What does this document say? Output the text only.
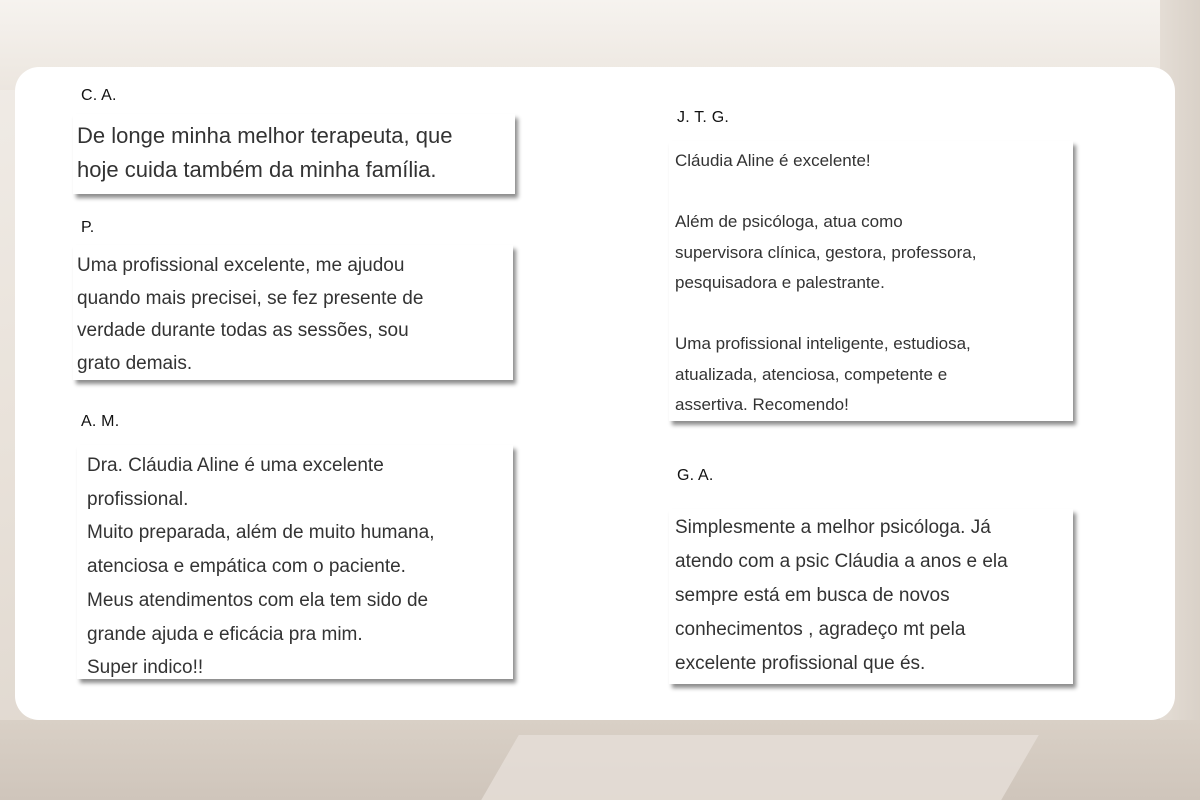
C. A.

De longe minha melhor terapeuta, que
hoje cuida também da minha família.

P.

Uma profissional excelente, me ajudou
quando mais precisei, se fez presente de
verdade durante todas as sessões, sou
grato demais.

A. M.

Dra. Cláudia Aline é uma excelente
profissional.
Muito preparada, além de muito humana,
atenciosa e empática com o paciente.
Meus atendimentos com ela tem sido de
grande ajuda e eficácia pra mim.
Super indico!!

J. T. G.

Cláudia Aline é excelente!

Além de psicóloga, atua como
supervisora clínica, gestora, professora,
pesquisadora e palestrante.

Uma profissional inteligente, estudiosa,
atualizada, atenciosa, competente e
assertiva. Recomendo!

G. A.

Simplesmente a melhor psicóloga. Já
atendo com a psic Cláudia a anos e ela
sempre está em busca de novos
conhecimentos , agradeço mt pela
excelente profissional que és.
